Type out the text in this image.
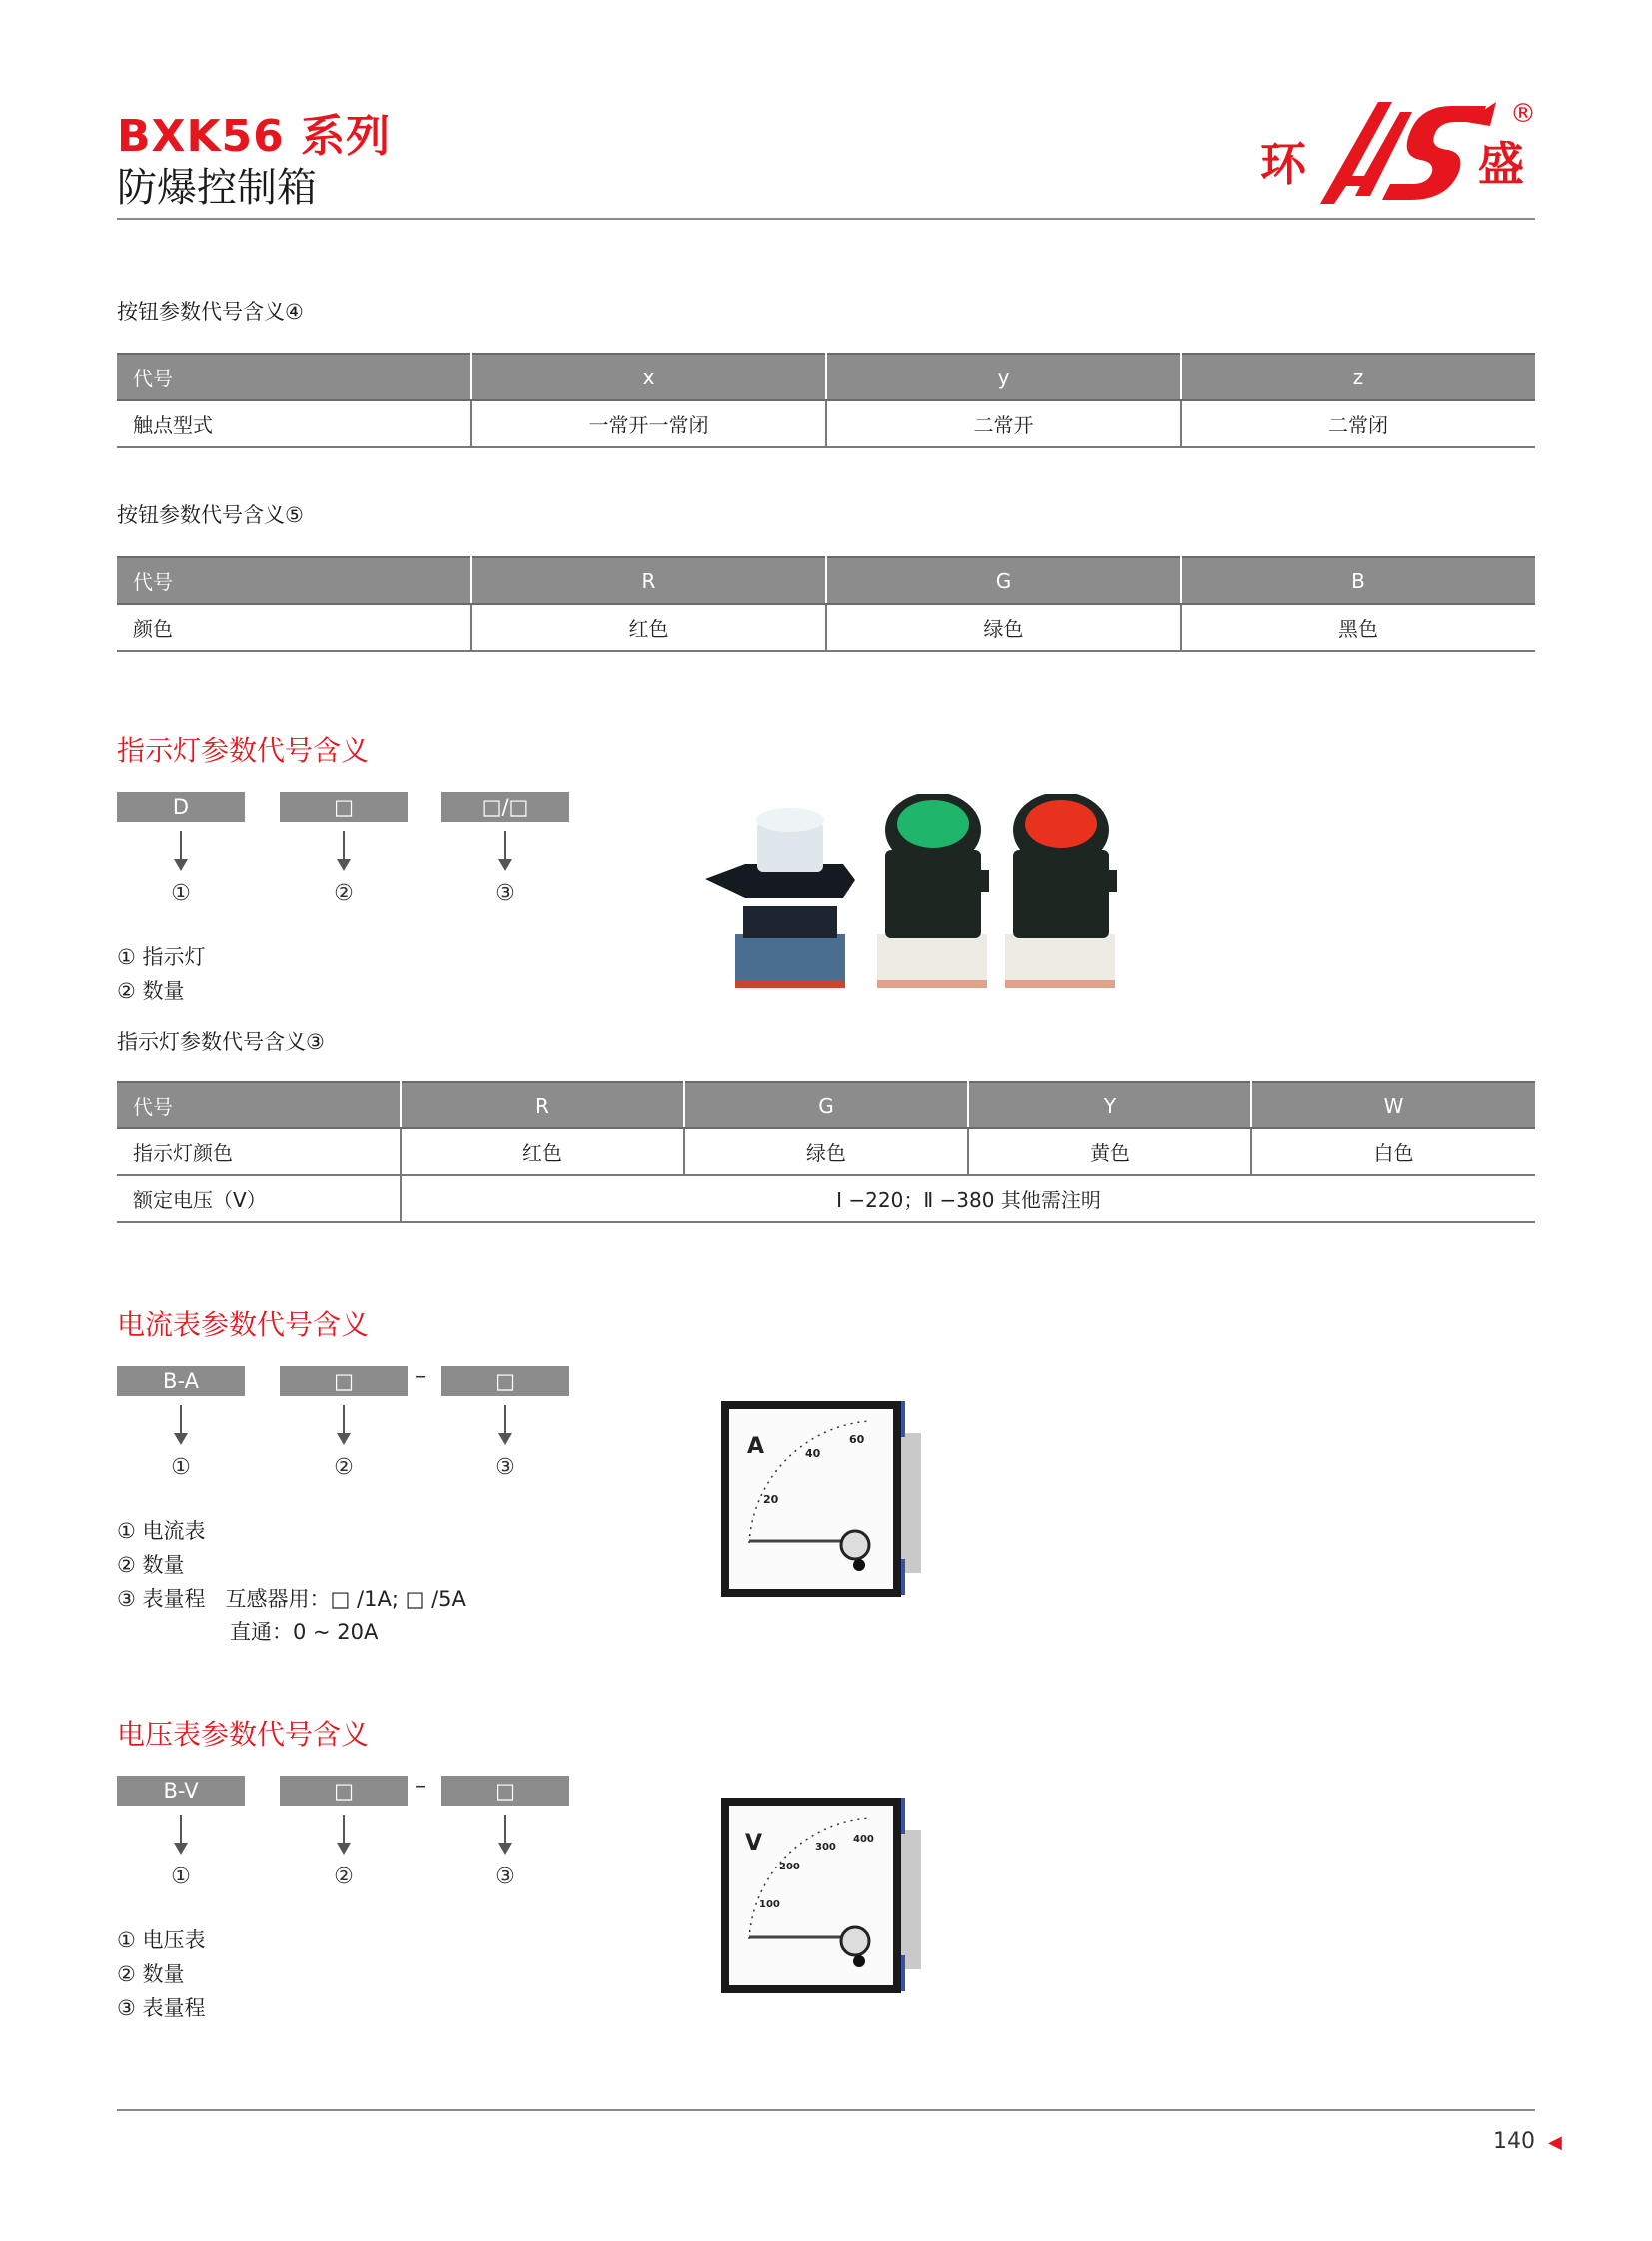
BXK56 系列
防爆控制箱	环	盛
®
按钮参数代号含义④
代号	x	y	z
触点型式	一常开一常闭	二常开	二常闭
按钮参数代号含义⑤
代号	R	G	B
颜色	红色	绿色	黑色
指示灯参数代号含义
D	□	□/□
①	②	③
① 指示灯
② 数量
指示灯参数代号含义③
代号	R	G	Y	W
指示灯颜色	红色	绿色	黄色	白色
额定电压（V）	Ⅰ −220；Ⅱ −380 其他需注明			
电流表参数代号含义
B-A	□	–	□
①	②	③
① 电流表
② 数量
③ 表量程   互感器用：□ /1A; □ /5A
直通：0 ~ 20A
A
20
40
60
电压表参数代号含义
B-V	□	–	□
①	②	③
① 电压表
② 数量
③ 表量程
V
100
200
300
400
140 ◀
